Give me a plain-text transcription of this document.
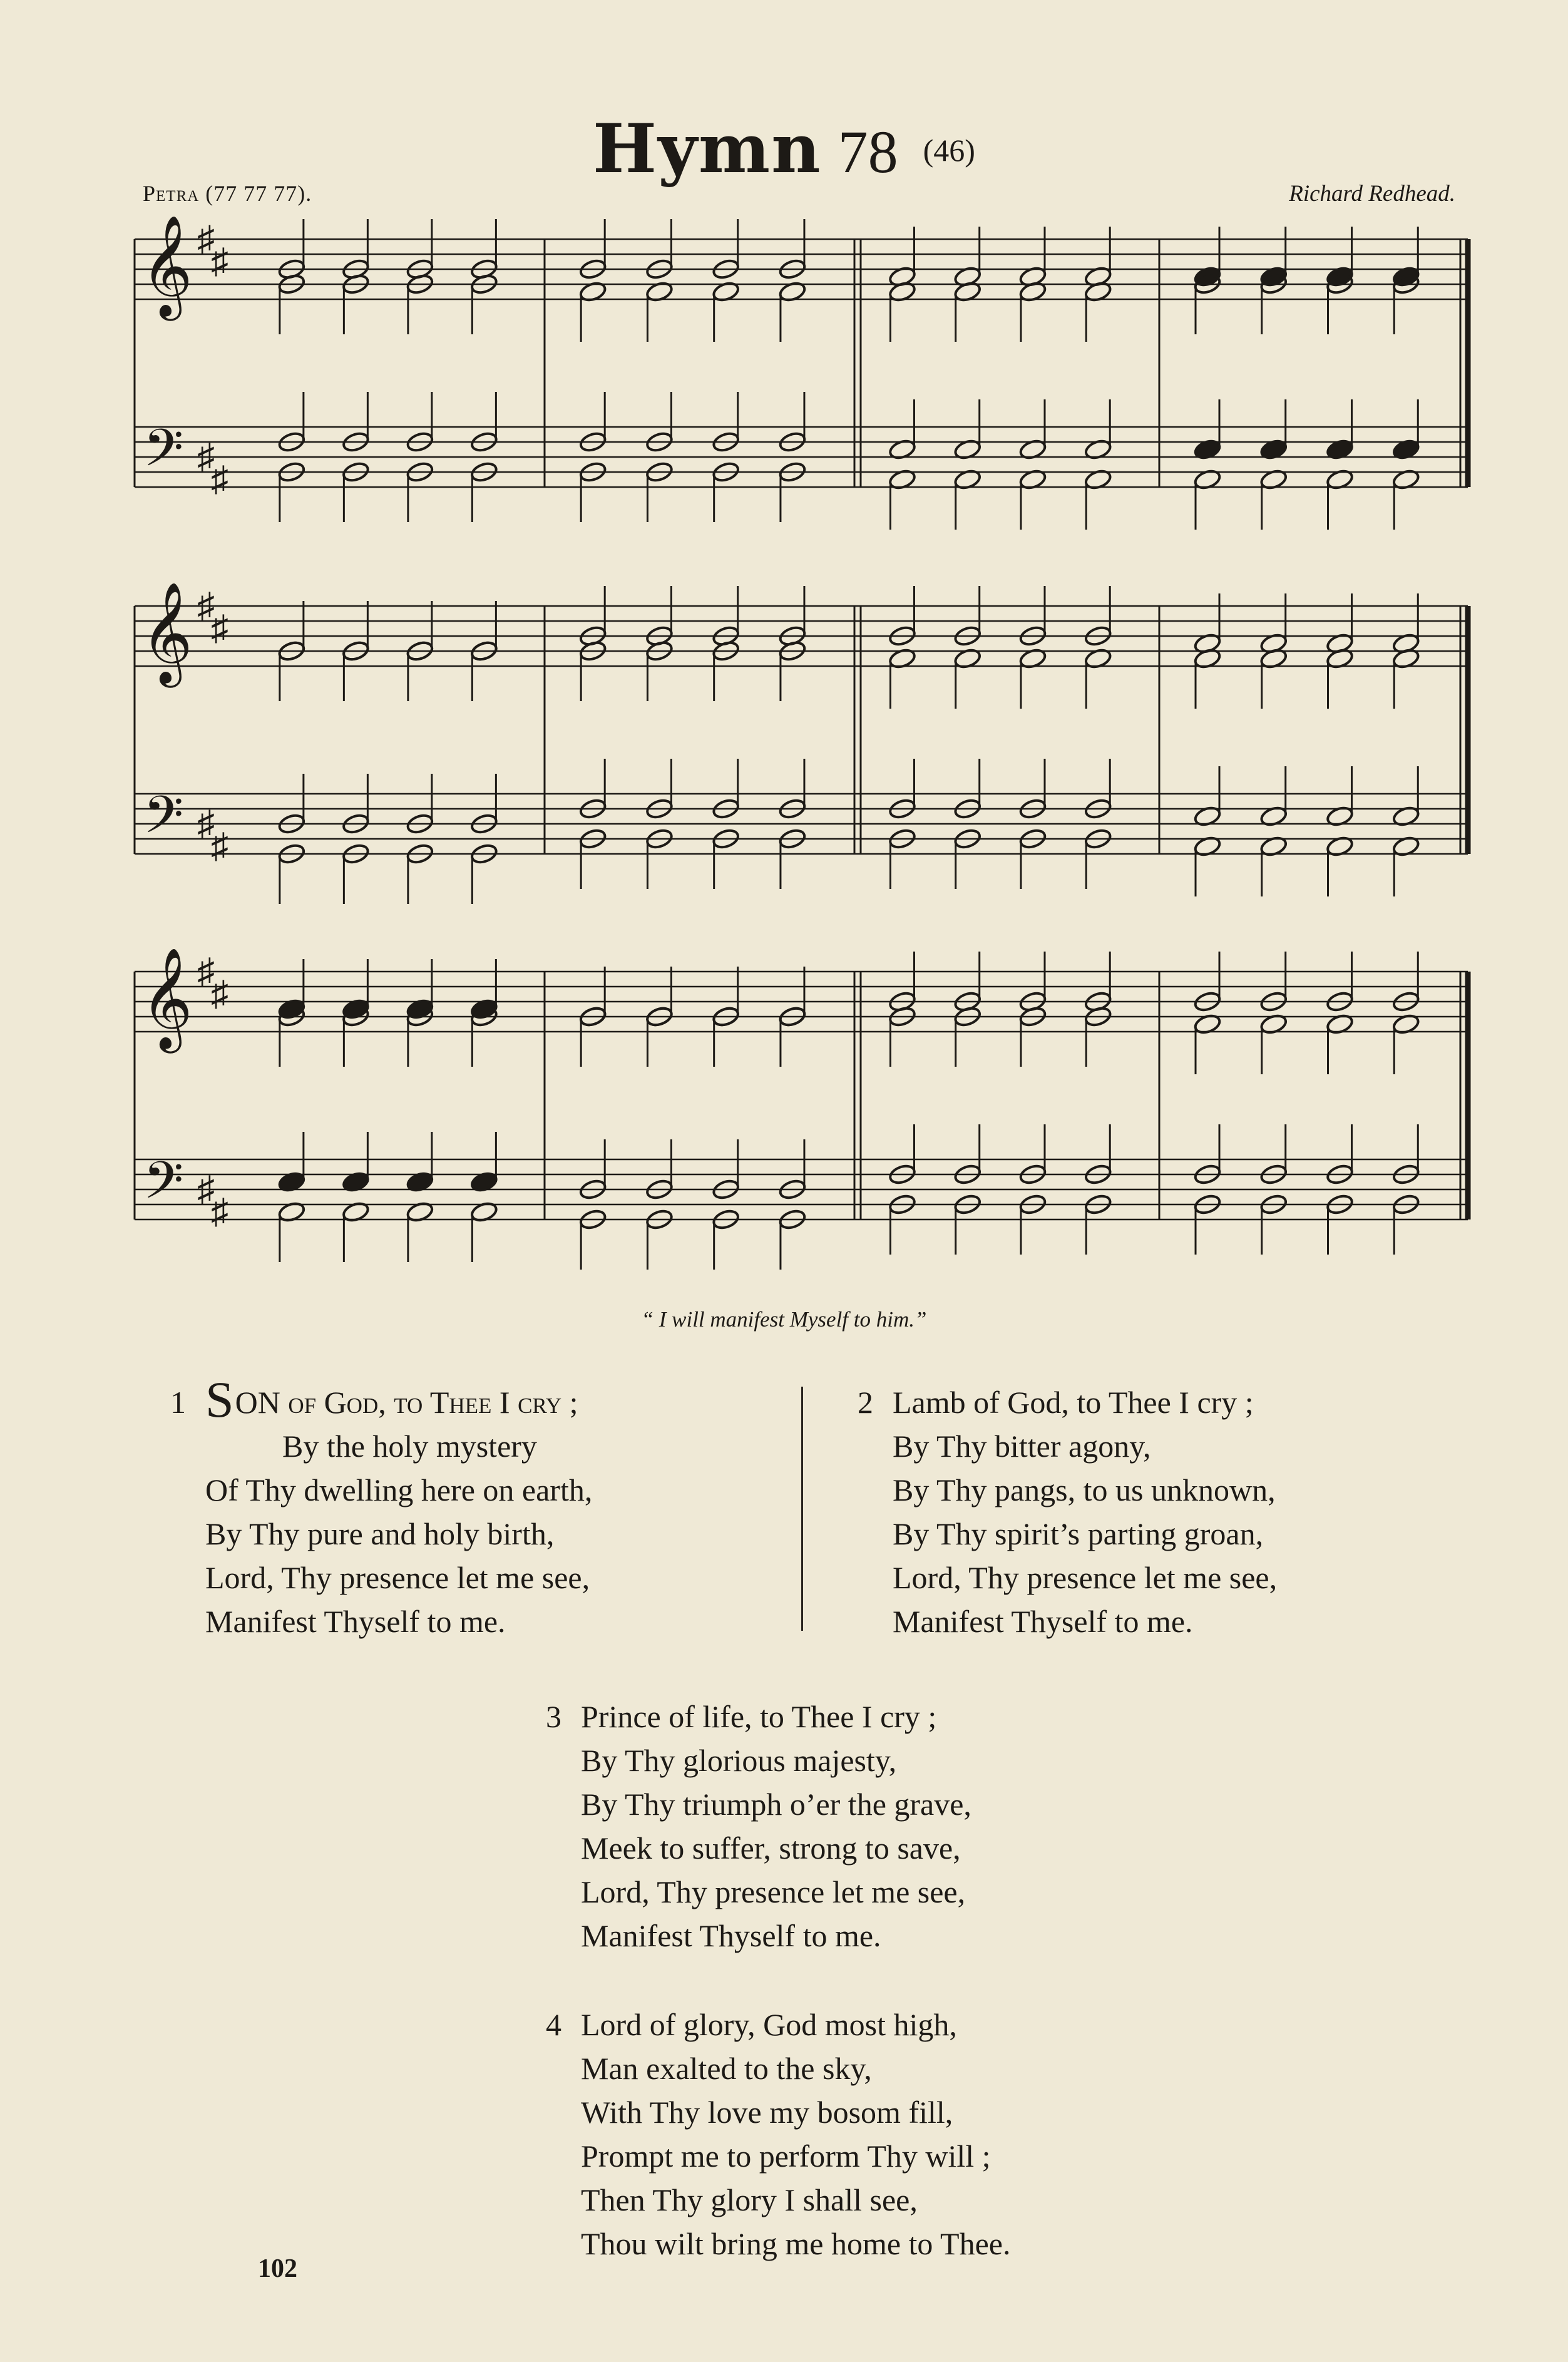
Hymn 78 (46)
Petra (77 77 77).	Richard Redhead.
𝄞
𝄢
♯
♯
♯
♯
𝄞
𝄢
♯
♯
♯
♯
𝄞
𝄢
♯
♯
♯
♯
“ I will manifest Myself to him.”
1 SON of God, to Thee I cry ;
By the holy mystery
Of Thy dwelling here on earth,
By Thy pure and holy birth,
Lord, Thy presence let me see,
Manifest Thyself to me.
2 Lamb of God, to Thee I cry ;
By Thy bitter agony,
By Thy pangs, to us unknown,
By Thy spirit’s parting groan,
Lord, Thy presence let me see,
Manifest Thyself to me.
3 Prince of life, to Thee I cry ;
By Thy glorious majesty,
By Thy triumph o’er the grave,
Meek to suffer, strong to save,
Lord, Thy presence let me see,
Manifest Thyself to me.
4 Lord of glory, God most high,
Man exalted to the sky,
With Thy love my bosom fill,
Prompt me to perform Thy will ;
Then Thy glory I shall see,
Thou wilt bring me home to Thee.
102
